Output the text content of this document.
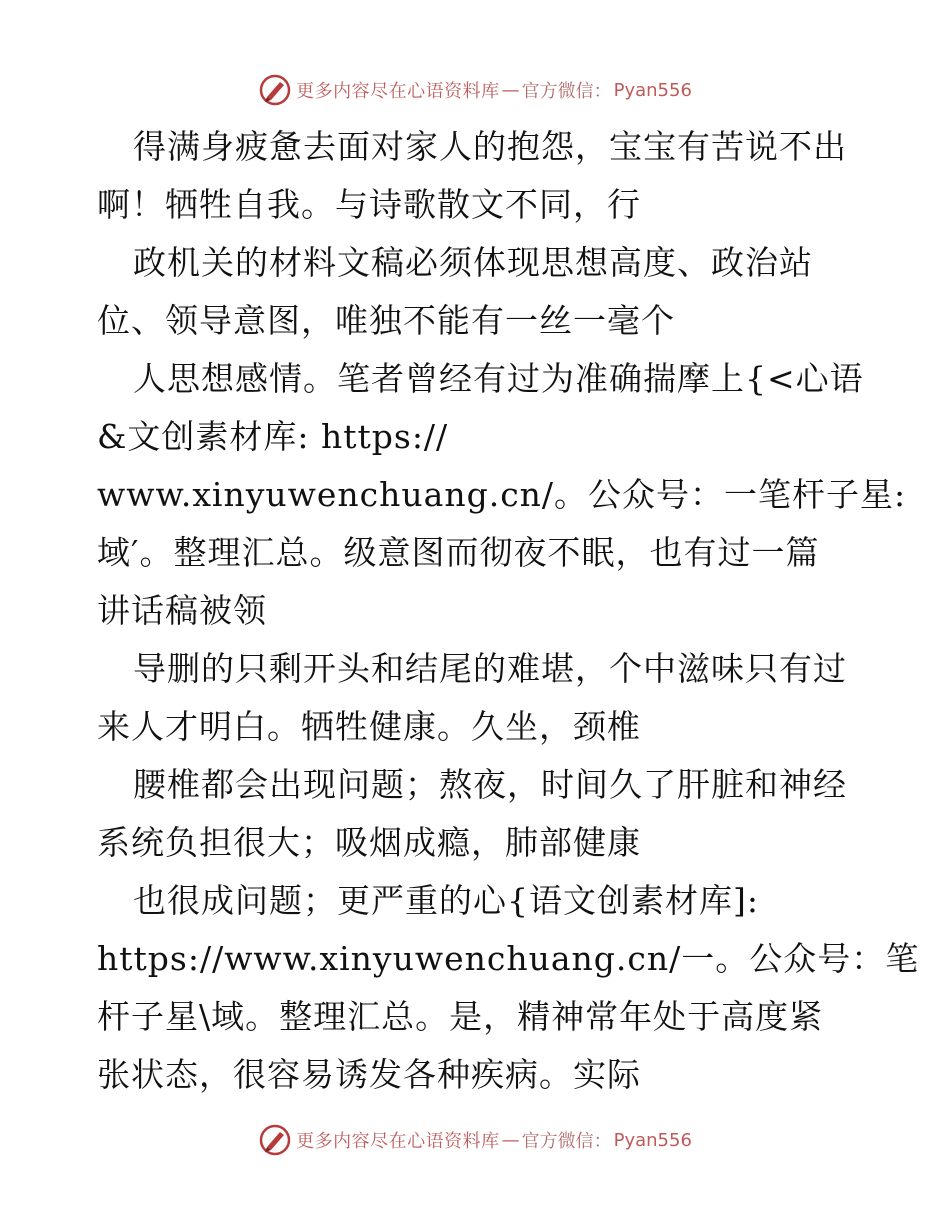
更多内容尽在心语资料库 — 官方微信： Pyan556
得满身疲惫去面对家人的抱怨，宝宝有苦说不出
啊！牺牲自我。与诗歌散文不同，行
政机关的材料文稿必须体现思想高度、政治站
位、领导意图，唯独不能有一丝一毫个
人思想感情。笔者曾经有过为准确揣摩上{<心语
&文创素材库: https://
www.xinyuwenchuang.cn/。公众号：一笔杆子星:
域′。整理汇总。级意图而彻夜不眠，也有过一篇
讲话稿被领
导删的只剩开头和结尾的难堪，个中滋味只有过
来人才明白。牺牲健康。久坐，颈椎
腰椎都会出现问题；熬夜，时间久了肝脏和神经
系统负担很大；吸烟成瘾，肺部健康
也很成问题；更严重的心{语文创素材库]:
https://www.xinyuwenchuang.cn/一。公众号：笔
杆子星\域。整理汇总。是，精神常年处于高度紧
张状态，很容易诱发各种疾病。实际
更多内容尽在心语资料库 — 官方微信： Pyan556
